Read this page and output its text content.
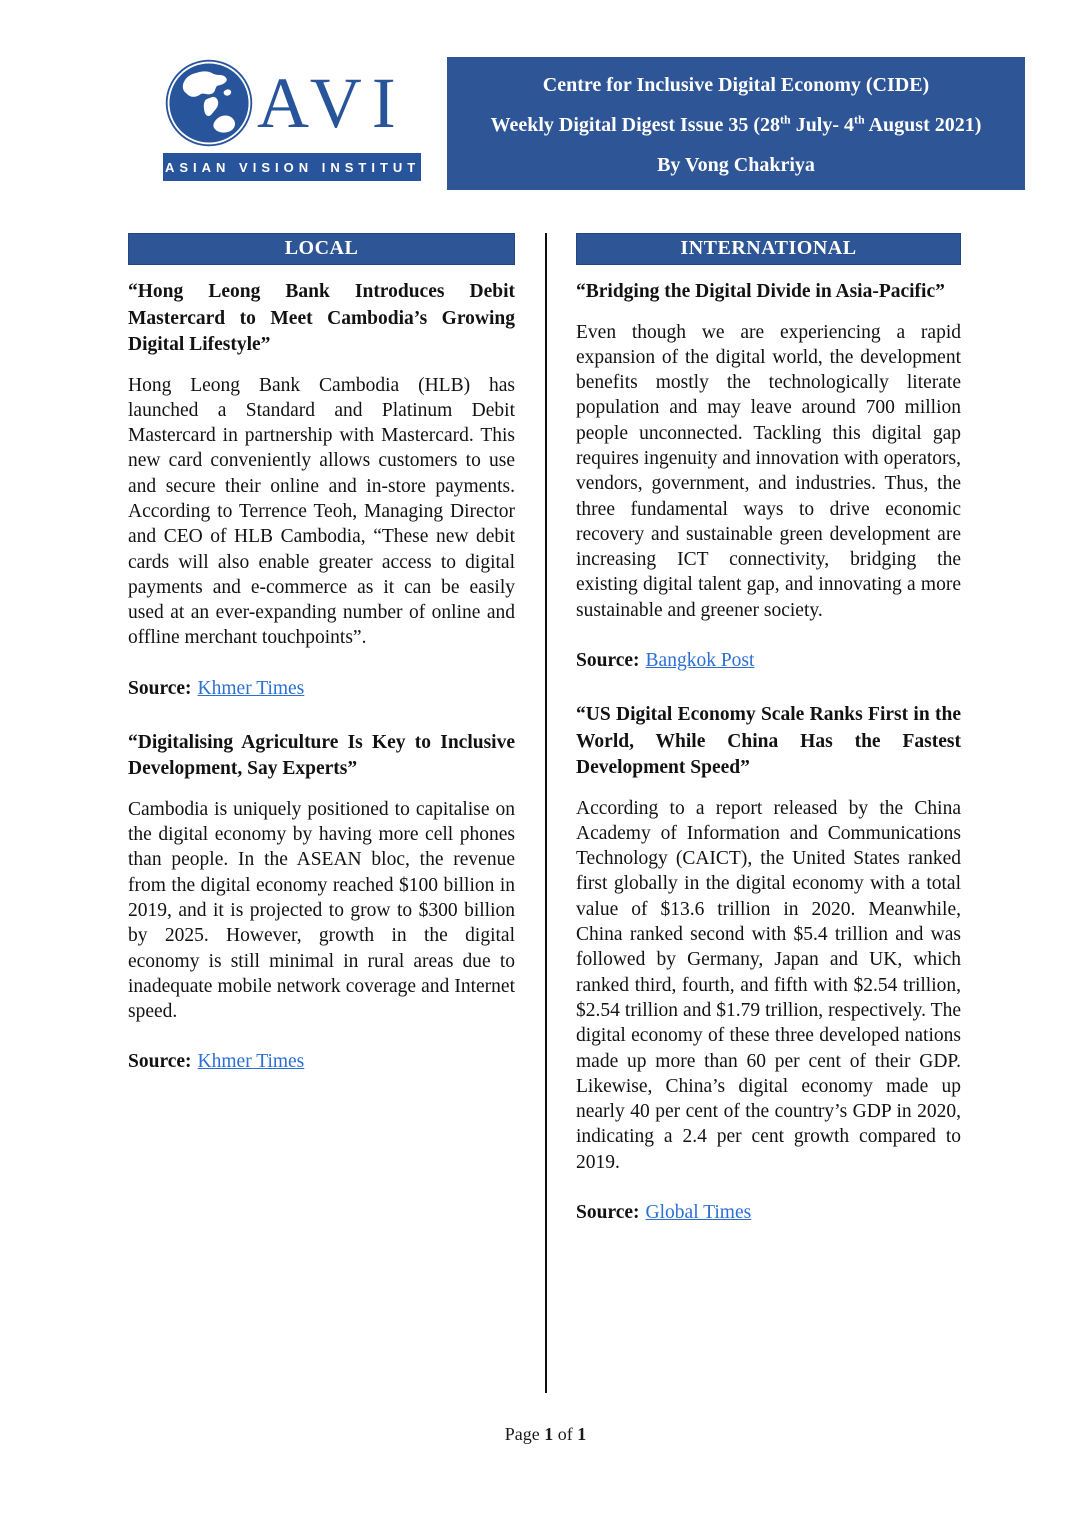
AVI
ASIAN VISION INSTITUTE
Centre for Inclusive Digital Economy (CIDE)
Weekly Digital Digest Issue 35 (28th July- 4th August 2021)
By Vong Chakriya
LOCAL
“Hong Leong Bank Introduces Debit Mastercard to Meet Cambodia’s Growing Digital Lifestyle”
Hong Leong Bank Cambodia (HLB) has launched a Standard and Platinum Debit Mastercard in partnership with Mastercard. This new card conveniently allows customers to use and secure their online and in-store payments. According to Terrence Teoh, Managing Director and CEO of HLB Cambodia, “These new debit cards will also enable greater access to digital payments and e-commerce as it can be easily used at an ever-expanding number of online and offline merchant touchpoints”.
Source: Khmer Times
“Digitalising Agriculture Is Key to Inclusive Development, Say Experts”
Cambodia is uniquely positioned to capitalise on the digital economy by having more cell phones than people. In the ASEAN bloc, the revenue from the digital economy reached $100 billion in 2019, and it is projected to grow to $300 billion by 2025. However, growth in the digital economy is still minimal in rural areas due to inadequate mobile network coverage and Internet speed.
Source: Khmer Times
INTERNATIONAL
“Bridging the Digital Divide in Asia-Pacific”
Even though we are experiencing a rapid expansion of the digital world, the development benefits mostly the technologically literate population and may leave around 700 million people unconnected. Tackling this digital gap requires ingenuity and innovation with operators, vendors, government, and industries. Thus, the three fundamental ways to drive economic recovery and sustainable green development are increasing ICT connectivity, bridging the existing digital talent gap, and innovating a more sustainable and greener society.
Source: Bangkok Post
“US Digital Economy Scale Ranks First in the World, While China Has the Fastest Development Speed”
According to a report released by the China Academy of Information and Communications Technology (CAICT), the United States ranked first globally in the digital economy with a total value of $13.6 trillion in 2020. Meanwhile, China ranked second with $5.4 trillion and was followed by Germany, Japan and UK, which ranked third, fourth, and fifth with $2.54 trillion, $2.54 trillion and $1.79 trillion, respectively. The digital economy of these three developed nations made up more than 60 per cent of their GDP. Likewise, China’s digital economy made up nearly 40 per cent of the country’s GDP in 2020, indicating a 2.4 per cent growth compared to 2019.
Source: Global Times
Page 1 of 1
